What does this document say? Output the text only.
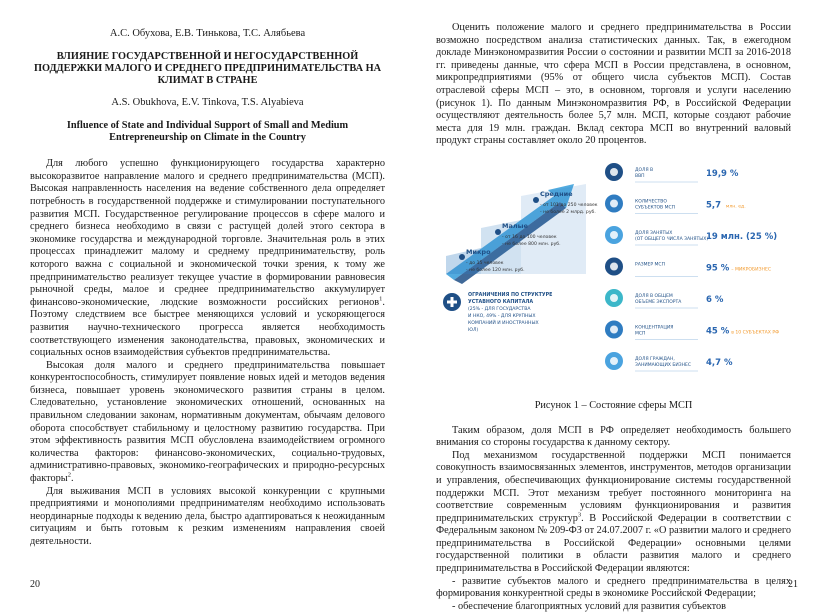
А.С. Обухова, Е.В. Тинькова, Т.С. Алябьева

ВЛИЯНИЕ ГОСУДАРСТВЕННОЙ И НЕГОСУДАРСТВЕННОЙ ПОДДЕРЖКИ МАЛОГО И СРЕДНЕГО ПРЕДПРИНИМАТЕЛЬСТВА НА КЛИМАТ В СТРАНЕ

A.S. Obukhova, E.V. Tinkova, T.S. Alyabieva

Influence of State and Individual Support of Small and Medium Entrepreneurship on Climate in the Country

Для любого успешно функционирующего государства характерно высокоразвитое направление малого и среднего предпринимательства (МСП). Высокая направленность населения на ведение собственного дела определяет потребность в государственной поддержке и стимулировании поступательного развития МСП. Государственное регулирование процессов в сфере малого и среднего бизнеса необходимо в связи с растущей долей этого сектора в экономике государства и международной торговле. Значительная роль в этих процессах принадлежит малому и среднему предпринимательству, роль которого важна с социальной и экономической точки зрения, к тому же предпринимательство реализует текущее участие в формировании равновесия рыночной среды, малое и среднее предпринимательство аккумулирует финансово-экономические, людские возможности российских регионов$^1$. Поэтому следствием все быстрее меняющихся условий и ускоряющегося развития научно-технического прогресса является необходимость соответствующего изменения законодательства, правовых, экономических и социальных основ взаимодействия субъектов предпринимательства.

Высокая доля малого и среднего предпринимательства повышает конкурентоспособность, стимулирует появление новых идей и методов ведения бизнеса, повышает уровень экономического развития страны в целом. Следовательно, установление экономических отношений, основанных на правильном следовании законам, нормативным документам, обычаям делового оборота способствует стабильному и целостному развитию государства. При этом эффективность развития МСП обусловлена взаимодействием огромного количества факторов: финансово-экономических, социально-трудовых, административно-правовых, экономико-географических и природно-ресурсных факторы$^2$.

Для выживания МСП в условиях высокой конкуренции с крупными предприятиями и монополиями предпринимателям необходимо использовать неординарные подходы к ведению дела, быстро адаптироваться к неожиданным ситуациям и быть готовым к резким изменениям направления своей деятельности.

20

Оценить положение малого и среднего предпринимательства в России возможно посредством анализа статистических данных. Так, в ежегодном докладе Минэкономразвития России о состоянии и развитии МСП за 2016-2018 гг. приведены данные, что сфера МСП в России представлена, в основном, микропредприятиями (95% от общего числа субъектов МСП). Состав отраслевой сферы МСП – это, в основном, торговля и услуги населению (рисунок 1). По данным Минэкономразвития РФ, в Российской Федерации осуществляют деятельность более 5,7 млн. МСП, которые создают рабочие места для 19 млн. граждан. Вклад сектора МСП во внутренний валовый продукт страны составляет около 20 процентов.

Средние
- от 101 до 250 человек
- не более 2 млрд. руб.
Малые
- от 16 до 100 человек
- не более 800 млн. руб.
Микро
- до 15 человек
- не более 120 млн. руб.
ОГРАНИЧЕНИЯ ПО СТРУКТУРЕ
УСТАВНОГО КАПИТАЛА
(25% - ДЛЯ ГОСУДАРСТВА
И НКО, 49% - ДЛЯ КРУПНЫХ
КОМПАНИЙ И ИНОСТРАННЫХ
ЮЛ)
ДОЛЯ В
ВВП	19,9 %
КОЛИЧЕСТВО
СУБЪЕКТОВ МСП	5,7 млн. ед.
ДОЛЯ ЗАНЯТЫХ
(ОТ ОБЩЕГО ЧИСЛА ЗАНЯТЫХ)
19 млн. (25 %)
РАЗМЕР МСП	95 % – МИКРОБИЗНЕС
ДОЛЯ В ОБЩЕМ
ОБЪЕМЕ ЭКСПОРТА	6 %
КОНЦЕНТРАЦИЯ
МСП	45 % в 10 СУБЪЕКТАХ РФ
ДОЛЯ ГРАЖДАН,
ЗАНИМАЮЩИХ БИЗНЕС 4,7 %

Рисунок 1 – Состояние сферы МСП

Таким образом, доля МСП в РФ определяет необходимость большего внимания со стороны государства к данному сектору.

Под механизмом государственной поддержки МСП понимается совокупность взаимосвязанных элементов, инструментов, методов организации и управления, обеспечивающих функционирование системы государственной поддержки МСП. Этот механизм требует постоянного мониторинга на соответствие современным условиям функционирования и развития предпринимательских структур$^3$. В Российской Федерации в соответствии с Федеральным законом № 209-ФЗ от 24.07.2007 г. «О развитии малого и среднего предпринимательства в Российской Федерации» основными целями государственной политики в области развития малого и среднего предпринимательства в Российской Федерации являются:

- развитие субъектов малого и среднего предпринимательства в целях формирования конкурентной среды в экономике Российской Федерации;

- обеспечение благоприятных условий для развития субъектов

21
